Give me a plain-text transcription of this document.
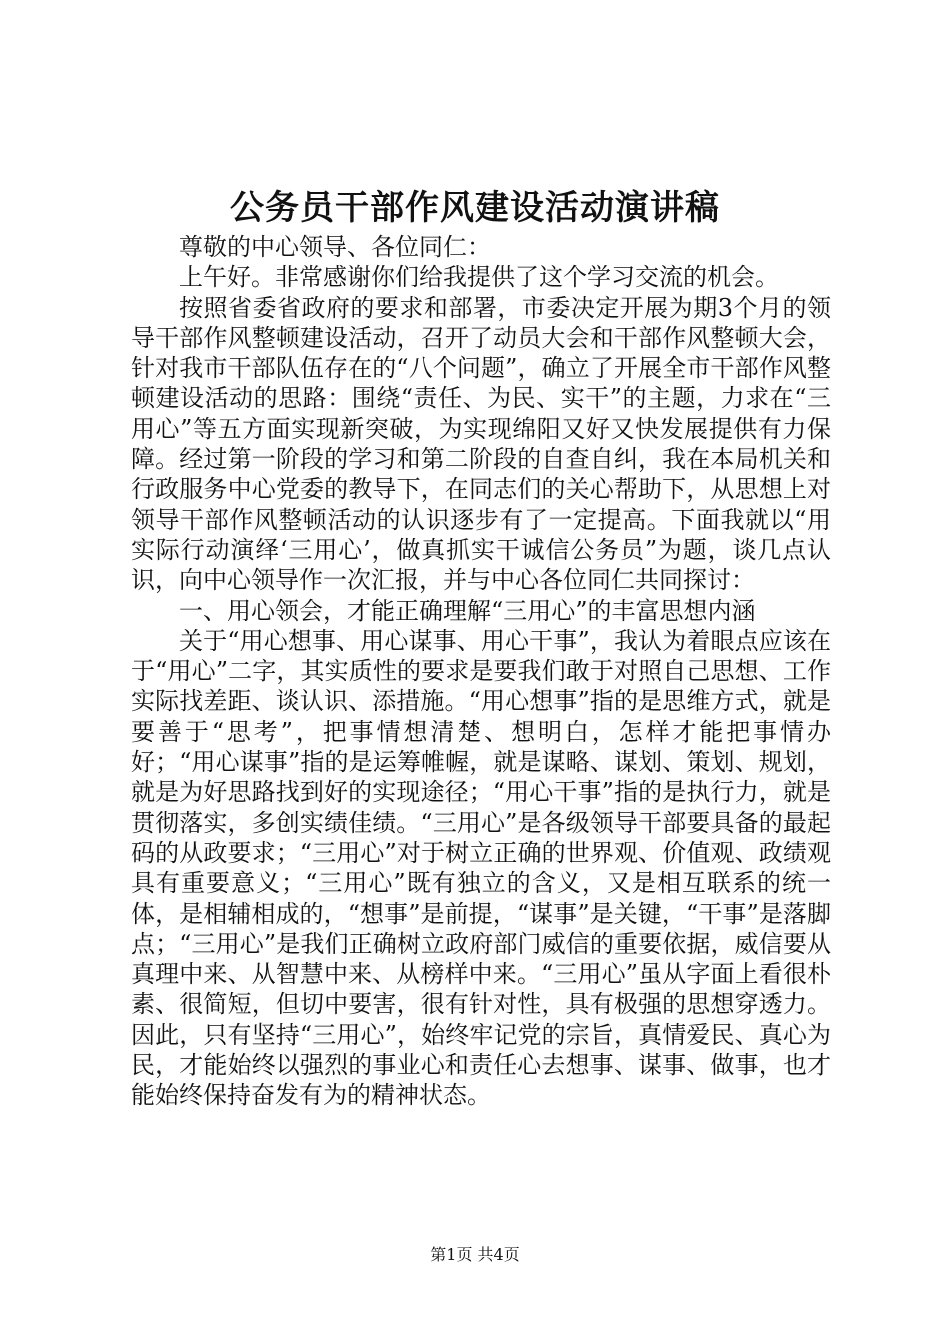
公务员干部作风建设活动演讲稿

尊敬的中心领导、各位同仁：

上午好。非常感谢你们给我提供了这个学习交流的机会。

按照省委省政府的要求和部署，市委决定开展为期3个月的领导干部作风整顿建设活动，召开了动员大会和干部作风整顿大会，针对我市干部队伍存在的“八个问题”，确立了开展全市干部作风整顿建设活动的思路：围绕“责任、为民、实干”的主题，力求在“三用心”等五方面实现新突破，为实现绵阳又好又快发展提供有力保障。经过第一阶段的学习和第二阶段的自查自纠，我在本局机关和行政服务中心党委的教导下，在同志们的关心帮助下，从思想上对领导干部作风整顿活动的认识逐步有了一定提高。下面我就以“用实际行动演绎‘三用心’，做真抓实干诚信公务员”为题，谈几点认识，向中心领导作一次汇报，并与中心各位同仁共同探讨：

一、用心领会，才能正确理解“三用心”的丰富思想内涵

关于“用心想事、用心谋事、用心干事”，我认为着眼点应该在于“用心”二字，其实质性的要求是要我们敢于对照自己思想、工作实际找差距、谈认识、添措施。“用心想事”指的是思维方式，就是要善于“思考”，把事情想清楚、想明白，怎样才能把事情办好；“用心谋事”指的是运筹帷幄，就是谋略、谋划、策划、规划，就是为好思路找到好的实现途径；“用心干事”指的是执行力，就是贯彻落实，多创实绩佳绩。“三用心”是各级领导干部要具备的最起码的从政要求；“三用心”对于树立正确的世界观、价值观、政绩观具有重要意义；“三用心”既有独立的含义，又是相互联系的统一体，是相辅相成的，“想事”是前提，“谋事”是关键，“干事”是落脚点；“三用心”是我们正确树立政府部门威信的重要依据，威信要从真理中来、从智慧中来、从榜样中来。“三用心”虽从字面上看很朴素、很简短，但切中要害，很有针对性，具有极强的思想穿透力。因此，只有坚持“三用心”，始终牢记党的宗旨，真情爱民、真心为民，才能始终以强烈的事业心和责任心去想事、谋事、做事，也才能始终保持奋发有为的精神状态。

第1页 共4页
